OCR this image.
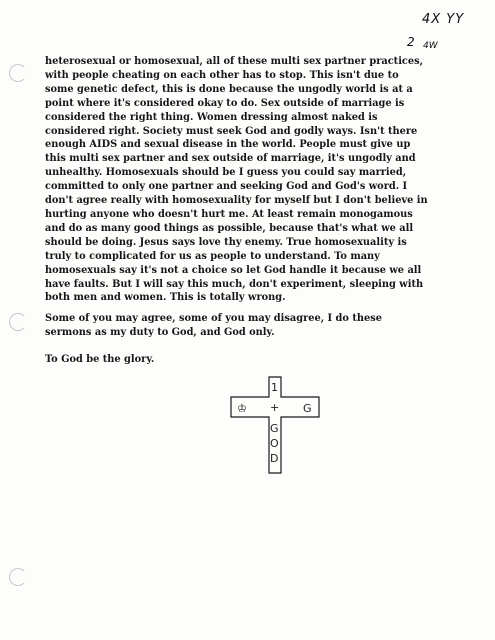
4X YY
2 4W

heterosexual or homosexual, all of these multi sex partner practices, with people cheating on each other has to stop. This isn't due to some genetic defect, this is done because the ungodly world is at a point where it's considered okay to do. Sex outside of marriage is considered the right thing. Women dressing almost naked is considered right. Society must seek God and godly ways. Isn't there enough AIDS and sexual disease in the world. People must give up this multi sex partner and sex outside of marriage, it's ungodly and unhealthy. Homosexuals should be I guess you could say married, committed to only one partner and seeking God and God's word. I don't agree really with homosexuality for myself but I don't believe in hurting anyone who doesn't hurt me. At least remain monogamous and do as many good things as possible, because that's what we all should be doing. Jesus says love thy enemy. True homosexuality is truly to complicated for us as people to understand. To many homosexuals say it's not a choice so let God handle it because we all have faults. But I will say this much, don't experiment, sleeping with both men and women. This is totally wrong.

Some of you may agree, some of you may disagree, I do these sermons as my duty to God, and God only.

To God be the glory.

1
♔ + G
G
O
D
